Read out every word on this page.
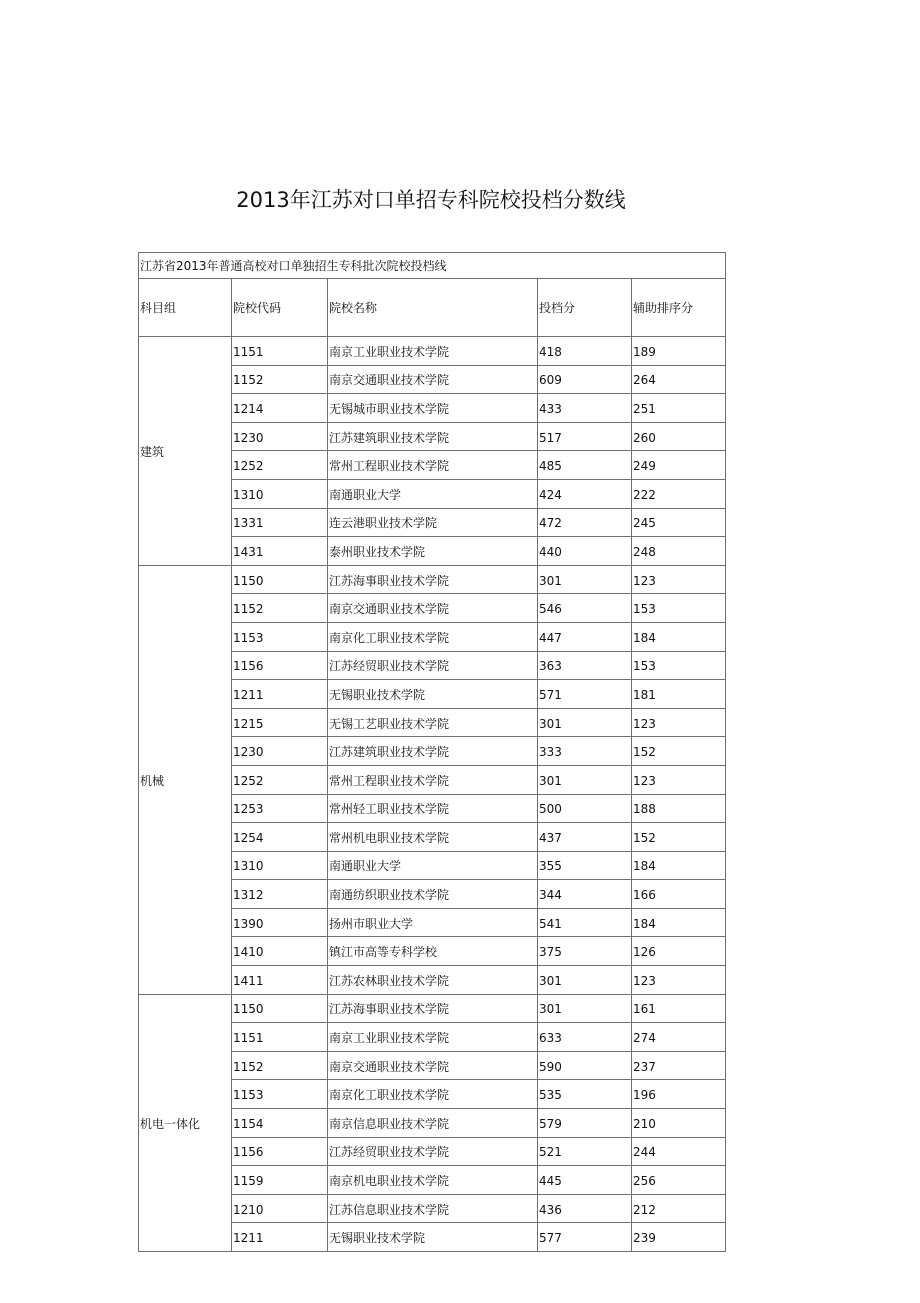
2013年江苏对口单招专科院校投档分数线
江苏省2013年普通高校对口单独招生专科批次院校投档线				
科目组	院校代码	院校名称	投档分	辅助排序分
建筑	1151	南京工业职业技术学院	418	189
	1152	南京交通职业技术学院	609	264
	1214	无锡城市职业技术学院	433	251
	1230	江苏建筑职业技术学院	517	260
	1252	常州工程职业技术学院	485	249
	1310	南通职业大学	424	222
	1331	连云港职业技术学院	472	245
	1431	泰州职业技术学院	440	248
机械	1150	江苏海事职业技术学院	301	123
	1152	南京交通职业技术学院	546	153
	1153	南京化工职业技术学院	447	184
	1156	江苏经贸职业技术学院	363	153
	1211	无锡职业技术学院	571	181
	1215	无锡工艺职业技术学院	301	123
	1230	江苏建筑职业技术学院	333	152
	1252	常州工程职业技术学院	301	123
	1253	常州轻工职业技术学院	500	188
	1254	常州机电职业技术学院	437	152
	1310	南通职业大学	355	184
	1312	南通纺织职业技术学院	344	166
	1390	扬州市职业大学	541	184
	1410	镇江市高等专科学校	375	126
	1411	江苏农林职业技术学院	301	123
机电一体化	1150	江苏海事职业技术学院	301	161
	1151	南京工业职业技术学院	633	274
	1152	南京交通职业技术学院	590	237
	1153	南京化工职业技术学院	535	196
	1154	南京信息职业技术学院	579	210
	1156	江苏经贸职业技术学院	521	244
	1159	南京机电职业技术学院	445	256
	1210	江苏信息职业技术学院	436	212
	1211	无锡职业技术学院	577	239
